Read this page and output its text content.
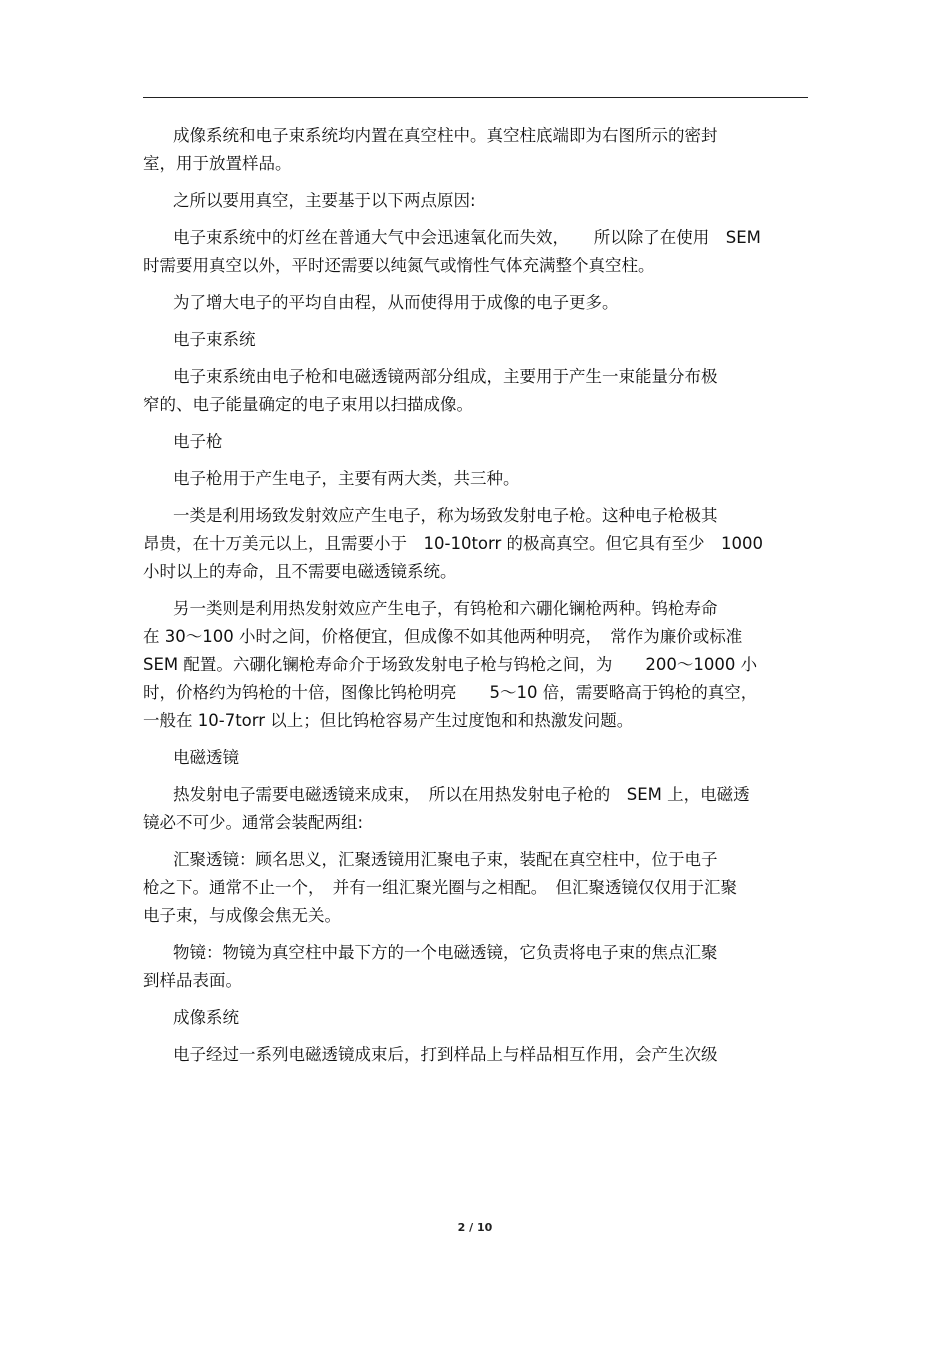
成像系统和电子束系统均内置在真空柱中。真空柱底端即为右图所示的密封
室，用于放置样品。
之所以要用真空，主要基于以下两点原因:
电子束系统中的灯丝在普通大气中会迅速氧化而失效，　　所以除了在使用　SEM
时需要用真空以外，平时还需要以纯氮气或惰性气体充满整个真空柱。
为了增大电子的平均自由程，从而使得用于成像的电子更多。
电子束系统
电子束系统由电子枪和电磁透镜两部分组成，主要用于产生一束能量分布极
窄的、电子能量确定的电子束用以扫描成像。
电子枪
电子枪用于产生电子，主要有两大类，共三种。
一类是利用场致发射效应产生电子，称为场致发射电子枪。这种电子枪极其
昂贵，在十万美元以上，且需要小于　10-10torr 的极高真空。但它具有至少　1000
小时以上的寿命，且不需要电磁透镜系统。
另一类则是利用热发射效应产生电子，有钨枪和六硼化镧枪两种。钨枪寿命
在 30～100 小时之间，价格便宜，但成像不如其他两种明亮，　常作为廉价或标准
SEM 配置。六硼化镧枪寿命介于场致发射电子枪与钨枪之间，为　　200～1000 小
时，价格约为钨枪的十倍，图像比钨枪明亮　　5～10 倍，需要略高于钨枪的真空，
一般在 10-7torr 以上；但比钨枪容易产生过度饱和和热激发问题。
电磁透镜
热发射电子需要电磁透镜来成束，　所以在用热发射电子枪的　SEM 上，电磁透
镜必不可少。通常会装配两组:
汇聚透镜：顾名思义，汇聚透镜用汇聚电子束，装配在真空柱中，位于电子
枪之下。通常不止一个，　并有一组汇聚光圈与之相配。　但汇聚透镜仅仅用于汇聚
电子束，与成像会焦无关。
物镜：物镜为真空柱中最下方的一个电磁透镜，它负责将电子束的焦点汇聚
到样品表面。
成像系统
电子经过一系列电磁透镜成束后，打到样品上与样品相互作用，会产生次级
2 / 10
